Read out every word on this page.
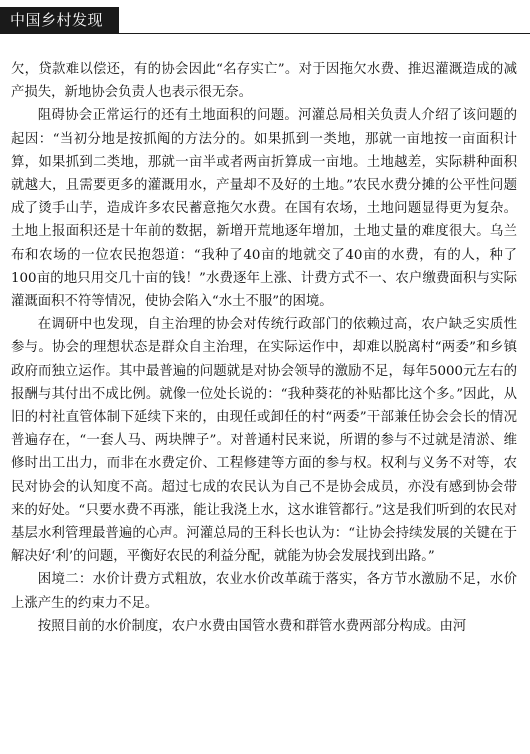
中国乡村发现

欠，贷款难以偿还，有的协会因此“名存实亡”。对于因拖欠水费、推迟灌溉造成的减产损失，新地协会负责人也表示很无奈。

阻碍协会正常运行的还有土地面积的问题。河灌总局相关负责人介绍了该问题的起因：“当初分地是按抓阄的方法分的。如果抓到一类地，那就一亩地按一亩面积计算，如果抓到二类地，那就一亩半或者两亩折算成一亩地。土地越差，实际耕种面积就越大，且需要更多的灌溉用水，产量却不及好的土地。”农民水费分摊的公平性问题成了烫手山芋，造成许多农民蓄意拖欠水费。在国有农场，土地问题显得更为复杂。土地上报面积还是十年前的数据，新增开荒地逐年增加，土地丈量的难度很大。乌兰布和农场的一位农民抱怨道：“我种了40亩的地就交了40亩的水费，有的人，种了100亩的地只用交几十亩的钱！”水费逐年上涨、计费方式不一、农户缴费面积与实际灌溉面积不符等情况，使协会陷入“水土不服”的困境。

在调研中也发现，自主治理的协会对传统行政部门的依赖过高，农户缺乏实质性参与。协会的理想状态是群众自主治理，在实际运作中，却难以脱离村“两委”和乡镇政府而独立运作。其中最普遍的问题就是对协会领导的激励不足，每年5000元左右的报酬与其付出不成比例。就像一位处长说的：“我种葵花的补贴都比这个多。”因此，从旧的村社直管体制下延续下来的，由现任或卸任的村“两委”干部兼任协会会长的情况普遍存在，“一套人马、两块牌子”。对普通村民来说，所谓的参与不过就是清淤、维修时出工出力，而非在水费定价、工程修建等方面的参与权。权利与义务不对等，农民对协会的认知度不高。超过七成的农民认为自己不是协会成员，亦没有感到协会带来的好处。“只要水费不再涨，能让我浇上水，这水谁管都行。”这是我们听到的农民对基层水利管理最普遍的心声。河灌总局的王科长也认为：“让协会持续发展的关键在于解决好‘利’的问题，平衡好农民的利益分配，就能为协会发展找到出路。”

困境二：水价计费方式粗放，农业水价改革疏于落实，各方节水激励不足，水价上涨产生的约束力不足。

按照目前的水价制度，农户水费由国管水费和群管水费两部分构成。由河
